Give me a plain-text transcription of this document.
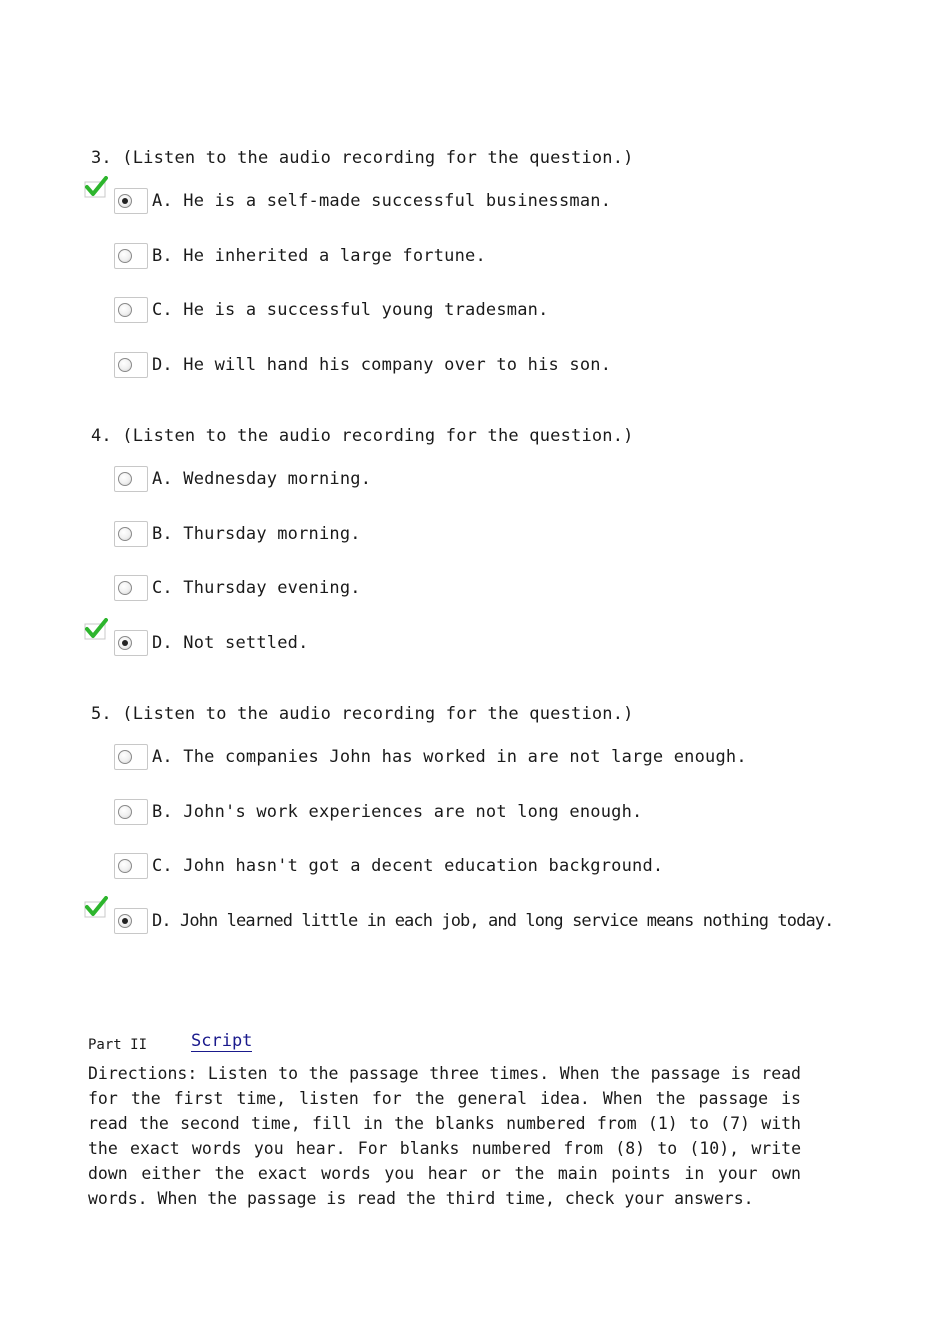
3. (Listen to the audio recording for the question.)
A. He is a self-made successful businessman.
B. He inherited a large fortune.
C. He is a successful young tradesman.
D. He will hand his company over to his son.
4. (Listen to the audio recording for the question.)
A. Wednesday morning.
B. Thursday morning.
C. Thursday evening.
D. Not settled.
5. (Listen to the audio recording for the question.)
A. The companies John has worked in are not large enough.
B. John's work experiences are not long enough.
C. John hasn't got a decent education background.
D. John learned little in each job, and long service means nothing today.
Part II	Script
Directions: Listen to the passage three times. When the passage is read for the first time, listen for the general idea. When the passage is read the second time, fill in the blanks numbered from (1) to (7) with the exact words you hear. For blanks numbered from (8) to (10), write down either the exact words you hear or the main points in your own words. When the passage is read the third time, check your answers.
